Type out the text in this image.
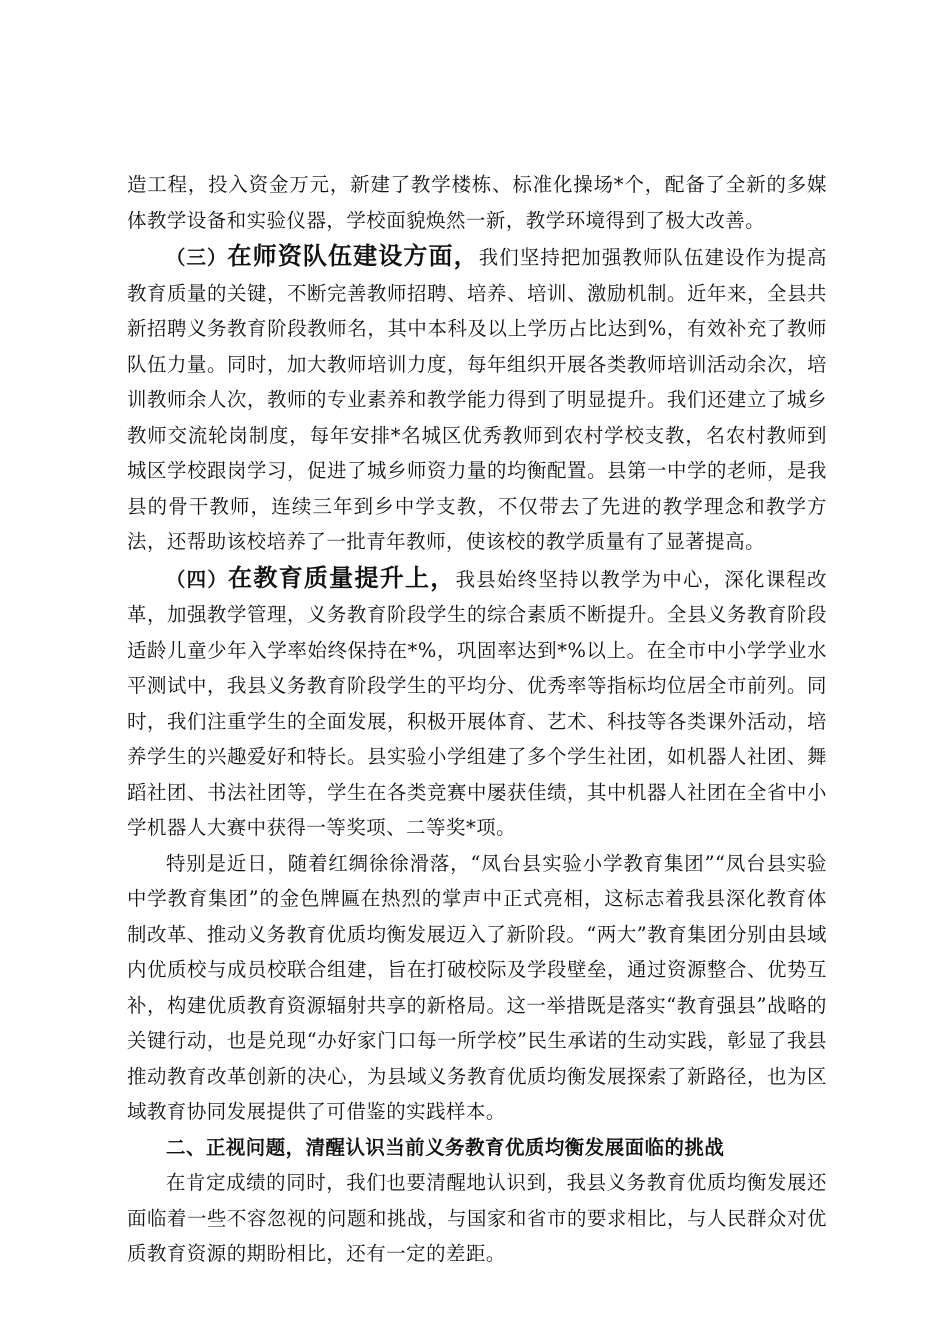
造工程，投入资金万元，新建了教学楼栋、标准化操场*个，配备了全新的多媒体教学设备和实验仪器，学校面貌焕然一新，教学环境得到了极大改善。

（三）在师资队伍建设方面，我们坚持把加强教师队伍建设作为提高教育质量的关键，不断完善教师招聘、培养、培训、激励机制。近年来，全县共新招聘义务教育阶段教师名，其中本科及以上学历占比达到%，有效补充了教师队伍力量。同时，加大教师培训力度，每年组织开展各类教师培训活动余次，培训教师余人次，教师的专业素养和教学能力得到了明显提升。我们还建立了城乡教师交流轮岗制度，每年安排*名城区优秀教师到农村学校支教，名农村教师到城区学校跟岗学习，促进了城乡师资力量的均衡配置。县第一中学的老师，是我县的骨干教师，连续三年到乡中学支教，不仅带去了先进的教学理念和教学方法，还帮助该校培养了一批青年教师，使该校的教学质量有了显著提高。

（四）在教育质量提升上，我县始终坚持以教学为中心，深化课程改革，加强教学管理，义务教育阶段学生的综合素质不断提升。全县义务教育阶段适龄儿童少年入学率始终保持在*%，巩固率达到*%以上。在全市中小学学业水平测试中，我县义务教育阶段学生的平均分、优秀率等指标均位居全市前列。同时，我们注重学生的全面发展，积极开展体育、艺术、科技等各类课外活动，培养学生的兴趣爱好和特长。县实验小学组建了多个学生社团，如机器人社团、舞蹈社团、书法社团等，学生在各类竞赛中屡获佳绩，其中机器人社团在全省中小学机器人大赛中获得一等奖项、二等奖*项。

特别是近日，随着红绸徐徐滑落，“凤台县实验小学教育集团”“凤台县实验中学教育集团”的金色牌匾在热烈的掌声中正式亮相，这标志着我县深化教育体制改革、推动义务教育优质均衡发展迈入了新阶段。“两大”教育集团分别由县域内优质校与成员校联合组建，旨在打破校际及学段壁垒，通过资源整合、优势互补，构建优质教育资源辐射共享的新格局。这一举措既是落实“教育强县”战略的关键行动，也是兑现“办好家门口每一所学校”民生承诺的生动实践，彰显了我县推动教育改革创新的决心，为县域义务教育优质均衡发展探索了新路径，也为区域教育协同发展提供了可借鉴的实践样本。

二、正视问题，清醒认识当前义务教育优质均衡发展面临的挑战

在肯定成绩的同时，我们也要清醒地认识到，我县义务教育优质均衡发展还面临着一些不容忽视的问题和挑战，与国家和省市的要求相比，与人民群众对优质教育资源的期盼相比，还有一定的差距。
